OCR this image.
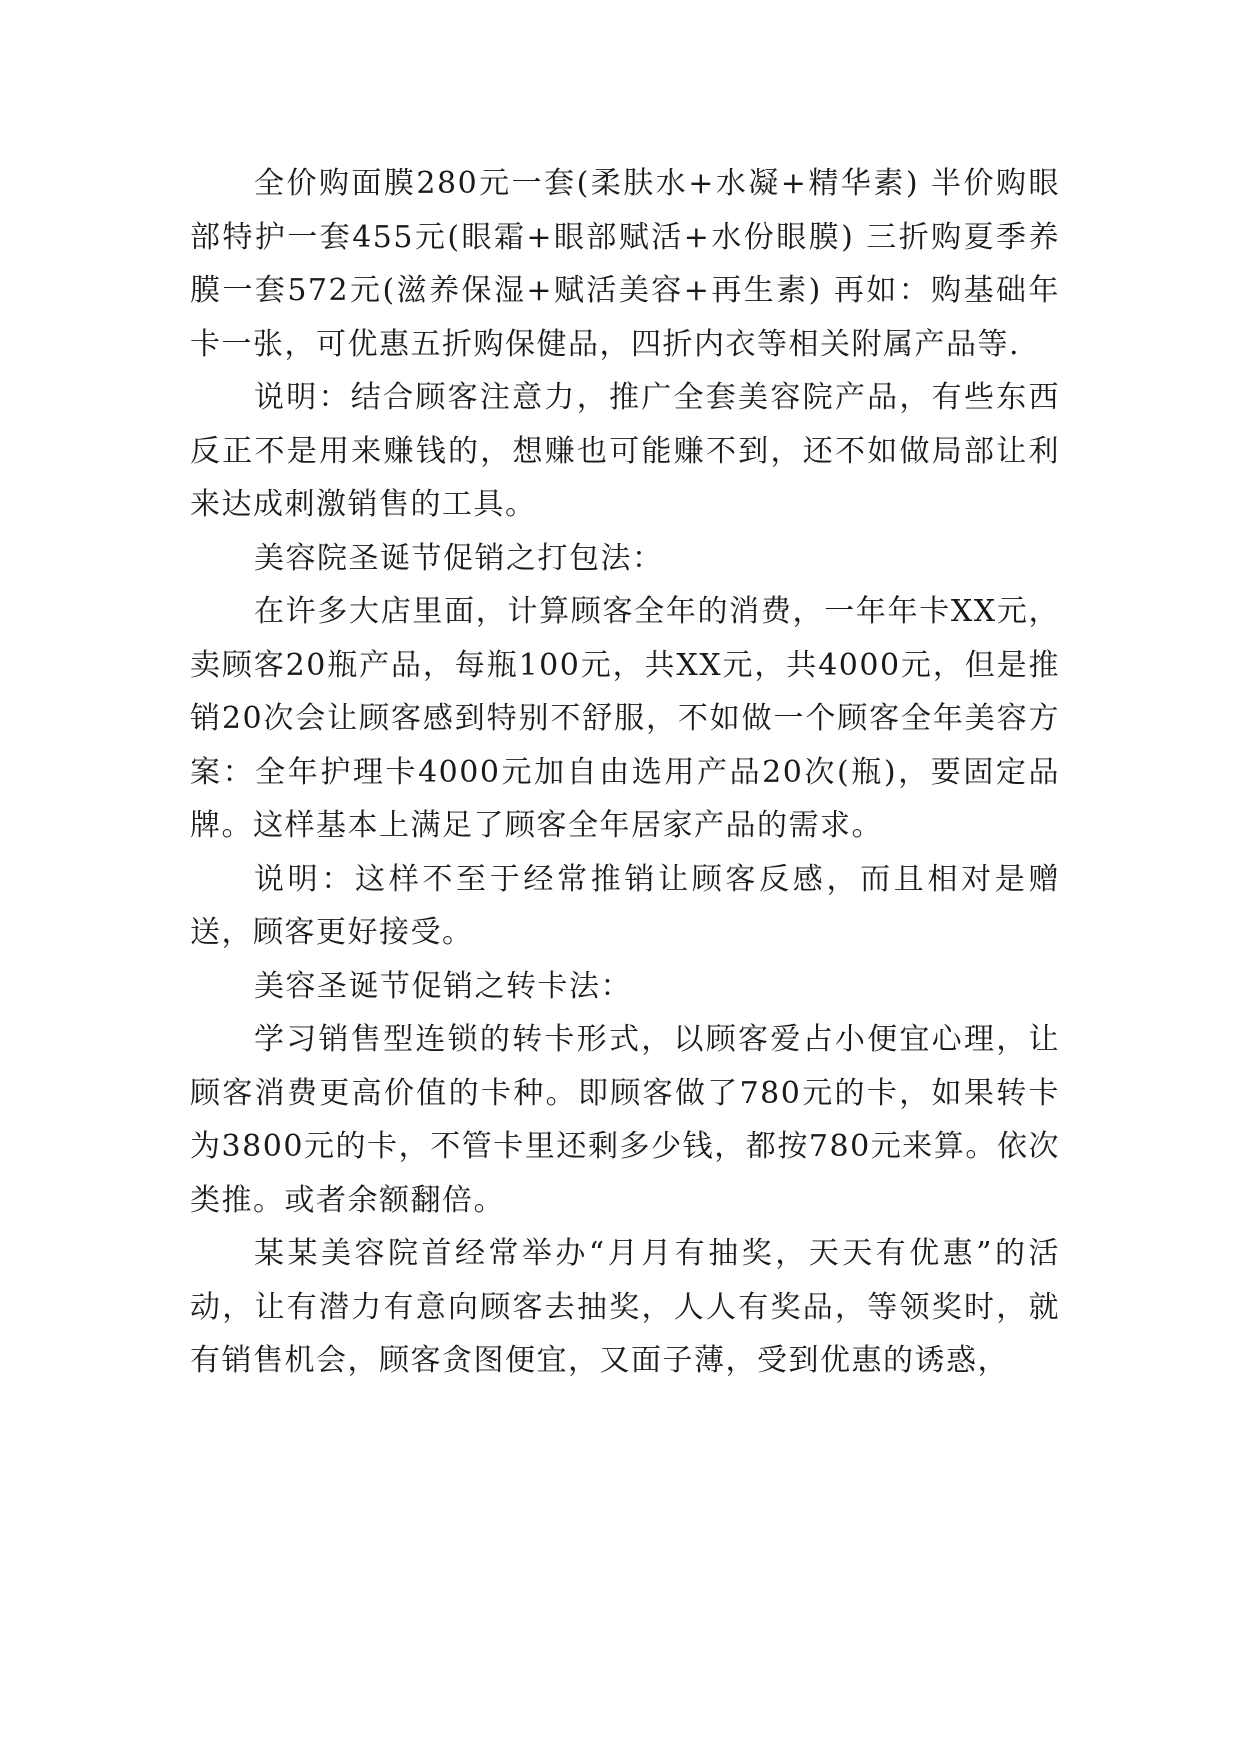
全价购面膜280元一套(柔肤水+水凝+精华素) 半价购眼部特护一套455元(眼霜+眼部赋活+水份眼膜) 三折购夏季养膜一套572元(滋养保湿+赋活美容+再生素) 再如：购基础年卡一张，可优惠五折购保健品，四折内衣等相关附属产品等.

说明：结合顾客注意力，推广全套美容院产品，有些东西反正不是用来赚钱的，想赚也可能赚不到，还不如做局部让利来达成刺激销售的工具。

美容院圣诞节促销之打包法：

在许多大店里面，计算顾客全年的消费，一年年卡XX元，卖顾客20瓶产品，每瓶100元，共XX元，共4000元，但是推销20次会让顾客感到特别不舒服，不如做一个顾客全年美容方案：全年护理卡4000元加自由选用产品20次(瓶)，要固定品牌。这样基本上满足了顾客全年居家产品的需求。

说明：这样不至于经常推销让顾客反感，而且相对是赠送，顾客更好接受。

美容圣诞节促销之转卡法：

学习销售型连锁的转卡形式，以顾客爱占小便宜心理，让顾客消费更高价值的卡种。即顾客做了780元的卡，如果转卡为3800元的卡，不管卡里还剩多少钱，都按780元来算。依次类推。或者余额翻倍。

某某美容院首经常举办“月月有抽奖，天天有优惠”的活动，让有潜力有意向顾客去抽奖，人人有奖品，等领奖时，就有销售机会，顾客贪图便宜，又面子薄，受到优惠的诱惑，
